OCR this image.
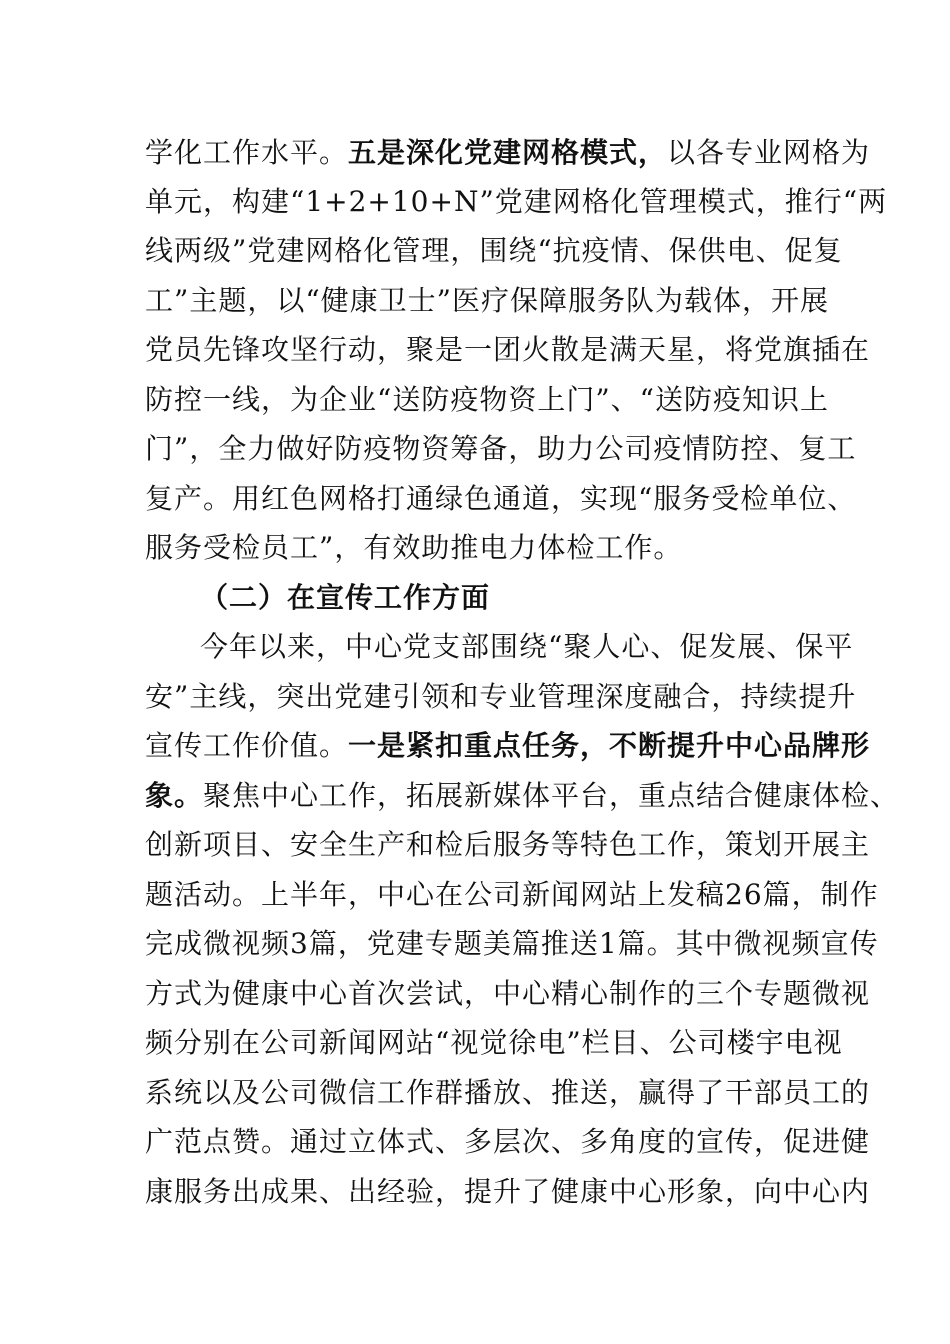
学化工作水平。五是深化党建网格模式，以各专业网格为
单元，构建“1+2+10+N”党建网格化管理模式，推行“两
线两级”党建网格化管理，围绕“抗疫情、保供电、促复
工”主题，以“健康卫士”医疗保障服务队为载体，开展
党员先锋攻坚行动，聚是一团火散是满天星，将党旗插在
防控一线，为企业“送防疫物资上门”、“送防疫知识上
门”，全力做好防疫物资筹备，助力公司疫情防控、复工
复产。用红色网格打通绿色通道，实现“服务受检单位、
服务受检员工”，有效助推电力体检工作。
（二）在宣传工作方面
今年以来，中心党支部围绕“聚人心、促发展、保平
安”主线，突出党建引领和专业管理深度融合，持续提升
宣传工作价值。一是紧扣重点任务，不断提升中心品牌形
象。聚焦中心工作，拓展新媒体平台，重点结合健康体检、
创新项目、安全生产和检后服务等特色工作，策划开展主
题活动。上半年，中心在公司新闻网站上发稿26篇，制作
完成微视频3篇，党建专题美篇推送1篇。其中微视频宣传
方式为健康中心首次尝试，中心精心制作的三个专题微视
频分别在公司新闻网站“视觉徐电”栏目、公司楼宇电视
系统以及公司微信工作群播放、推送，赢得了干部员工的
广范点赞。通过立体式、多层次、多角度的宣传，促进健
康服务出成果、出经验，提升了健康中心形象，向中心内
